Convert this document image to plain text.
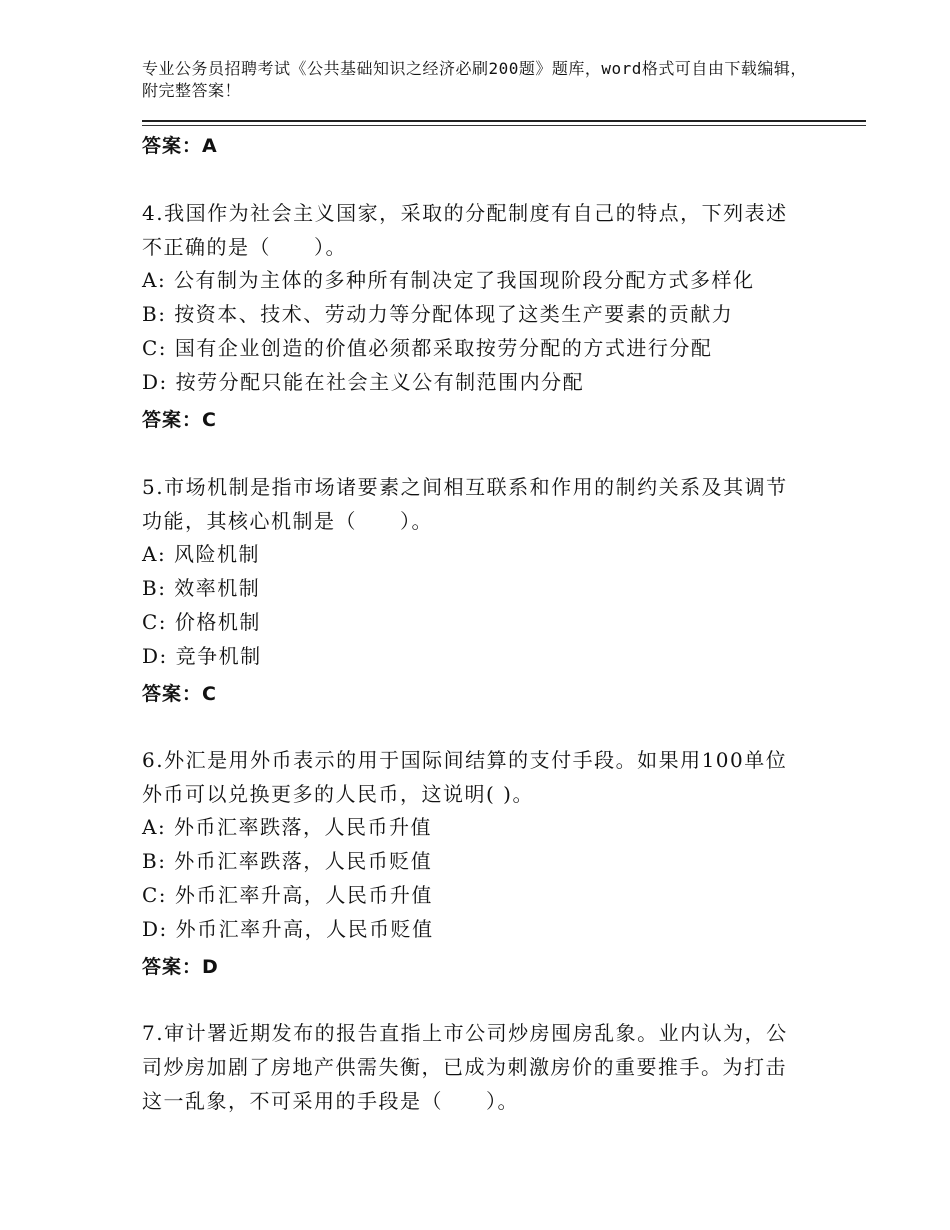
专业公务员招聘考试《公共基础知识之经济必刷200题》题库，word格式可自由下载编辑，附完整答案！
答案：A
4.我国作为社会主义国家，采取的分配制度有自己的特点，下列表述不正确的是（　　）。
A: 公有制为主体的多种所有制决定了我国现阶段分配方式多样化
B: 按资本、技术、劳动力等分配体现了这类生产要素的贡献力
C: 国有企业创造的价值必须都采取按劳分配的方式进行分配
D: 按劳分配只能在社会主义公有制范围内分配
答案：C
5.市场机制是指市场诸要素之间相互联系和作用的制约关系及其调节功能，其核心机制是（　　）。
A: 风险机制
B: 效率机制
C: 价格机制
D: 竞争机制
答案：C
6.外汇是用外币表示的用于国际间结算的支付手段。如果用100单位外币可以兑换更多的人民币，这说明( )。
A: 外币汇率跌落，人民币升值
B: 外币汇率跌落，人民币贬值
C: 外币汇率升高，人民币升值
D: 外币汇率升高，人民币贬值
答案：D
7.审计署近期发布的报告直指上市公司炒房囤房乱象。业内认为，公司炒房加剧了房地产供需失衡，已成为刺激房价的重要推手。为打击这一乱象，不可采用的手段是（　　）。
